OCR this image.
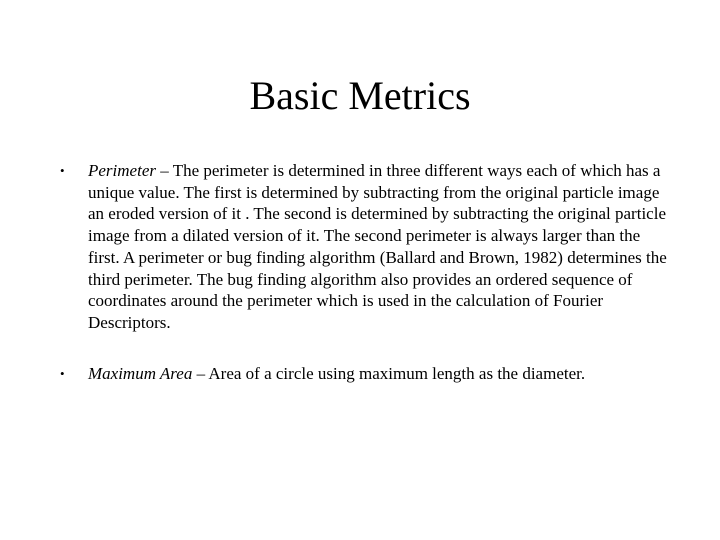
Basic Metrics
• Perimeter – The perimeter is determined in three different ways each of which has a unique value. The first is determined by subtracting from the original particle image an eroded version of it . The second is determined by subtracting the original particle image from a dilated version of it. The second perimeter is always larger than the first. A perimeter or bug finding algorithm (Ballard and Brown, 1982) determines the third perimeter. The bug finding algorithm also provides an ordered sequence of coordinates around the perimeter which is used in the calculation of Fourier Descriptors.
• Maximum Area – Area of a circle using maximum length as the diameter.
